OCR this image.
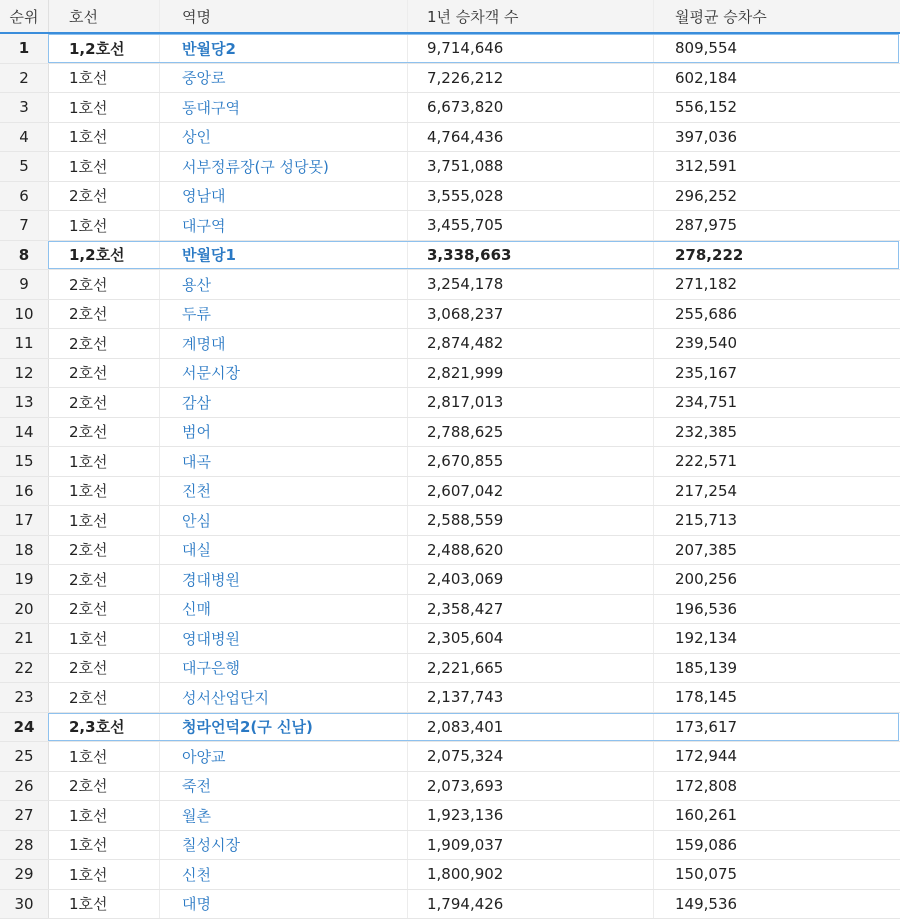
순위	호선	역명	1년 승차객 수	월평균 승차수
1	1,2호선	반월당2	9,714,646	809,554
2	1호선	중앙로	7,226,212	602,184
3	1호선	동대구역	6,673,820	556,152
4	1호선	상인	4,764,436	397,036
5	1호선	서부정류장(구 성당못)	3,751,088	312,591
6	2호선	영남대	3,555,028	296,252
7	1호선	대구역	3,455,705	287,975
8	1,2호선	반월당1	3,338,663	278,222
9	2호선	용산	3,254,178	271,182
10	2호선	두류	3,068,237	255,686
11	2호선	계명대	2,874,482	239,540
12	2호선	서문시장	2,821,999	235,167
13	2호선	감삼	2,817,013	234,751
14	2호선	범어	2,788,625	232,385
15	1호선	대곡	2,670,855	222,571
16	1호선	진천	2,607,042	217,254
17	1호선	안심	2,588,559	215,713
18	2호선	대실	2,488,620	207,385
19	2호선	경대병원	2,403,069	200,256
20	2호선	신매	2,358,427	196,536
21	1호선	영대병원	2,305,604	192,134
22	2호선	대구은행	2,221,665	185,139
23	2호선	성서산업단지	2,137,743	178,145
24	2,3호선	청라언덕2(구 신남)	2,083,401	173,617
25	1호선	아양교	2,075,324	172,944
26	2호선	죽전	2,073,693	172,808
27	1호선	월촌	1,923,136	160,261
28	1호선	칠성시장	1,909,037	159,086
29	1호선	신천	1,800,902	150,075
30	1호선	대명	1,794,426	149,536
